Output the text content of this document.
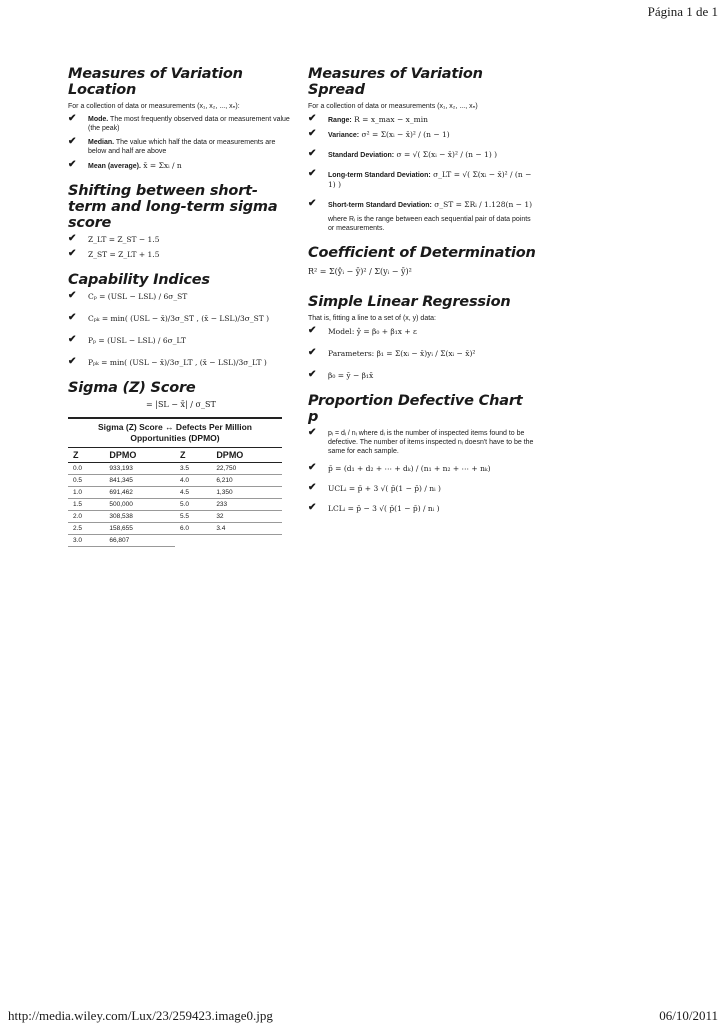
Página 1 de 1
Measures of Variation Location

For a collection of data or measurements (x₁, x₂, ..., xₙ):

✔ Mode. The most frequently observed data or measurement value (the peak)
✔ Median. The value which half the data or measurements are below and half are above
✔ Mean (average). x̄ = Σxᵢ / n
Shifting between short-term and long-term sigma score
✔ Z_LT = Z_ST − 1.5
✔ Z_ST = Z_LT + 1.5
Capability Indices
✔ Cₚ = (USL − LSL) / 6σ_ST
✔ Cₚₖ = min( (USL − x̄)/3σ_ST , (x̄ − LSL)/3σ_ST )
✔ Pₚ = (USL − LSL) / 6σ_LT
✔ Pₚₖ = min( (USL − x̄)/3σ_LT , (x̄ − LSL)/3σ_LT )
Sigma (Z) Score
= |SL − x̄| / σ_ST
Sigma (Z) Score ↔ Defects Per Million Opportunities (DPMO)			
Z	DPMO	Z	DPMO
0.0	933,193	3.5	22,750
0.5	841,345	4.0	6,210
1.0	691,462	4.5	1,350
1.5	500,000	5.0	233
2.0	308,538	5.5	32
2.5	158,655	6.0	3.4
3.0	66,807		
Measures of Variation Spread

For a collection of data or measurements (x₁, x₂, ..., xₙ)

✔ Range: R = x_max − x_min
✔ Variance: σ² = Σ(xᵢ − x̄)² / (n − 1)
✔ Standard Deviation: σ = √( Σ(xᵢ − x̄)² / (n − 1) )
✔ Long-term Standard Deviation: σ_LT = √( Σ(xᵢ − x̄)² / (n − 1) )
✔ Short-term Standard Deviation: σ_ST = ΣRᵢ / 1.128(n − 1)

where Rᵢ is the range between each sequential pair of data points or measurements.

Coefficient of Determination
R² = Σ(ŷᵢ − ȳ)² / Σ(yᵢ − ȳ)²
Simple Linear Regression

That is, fitting a line to a set of (x, y) data:

✔ Model: ŷ = β₀ + β₁x + ε
✔ Parameters: β₁ = Σ(xᵢ − x̄)yᵢ / Σ(xᵢ − x̄)²
✔ β₀ = ȳ − β₁x̄
Proportion Defective Chart p
✔ pᵢ = dᵢ / nᵢ where dᵢ is the number of inspected items found to be defective. The number of items inspected nᵢ doesn't have to be the same for each sample.
✔ p̄ = (d₁ + d₂ + ⋯ + dₖ) / (n₁ + n₂ + ⋯ + nₖ)
✔ UCLᵢ = p̄ + 3 √( p̄(1 − p̄) / nᵢ )
✔ LCLᵢ = p̄ − 3 √( p̄(1 − p̄) / nᵢ )
http://media.wiley.com/Lux/23/259423.image0.jpg	06/10/2011
